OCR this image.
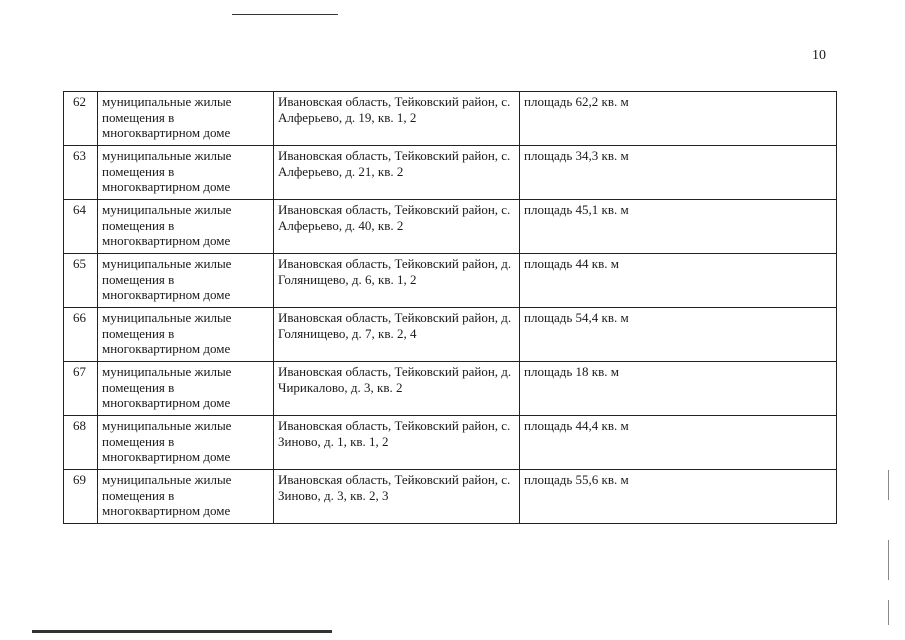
10
62	муниципальные жилые помещения в многоквартирном доме	Ивановская область, Тейковский район, с. Алферьево, д. 19, кв. 1, 2	площадь 62,2 кв. м
63	муниципальные жилые помещения в многоквартирном доме	Ивановская область, Тейковский район, с. Алферьево, д. 21, кв. 2	площадь 34,3 кв. м
64	муниципальные жилые помещения в многоквартирном доме	Ивановская область, Тейковский район, с. Алферьево, д. 40, кв. 2	площадь 45,1 кв. м
65	муниципальные жилые помещения в многоквартирном доме	Ивановская область, Тейковский район, д. Голянищево, д. 6, кв. 1, 2	площадь 44 кв. м
66	муниципальные жилые помещения в многоквартирном доме	Ивановская область, Тейковский район, д. Голянищево, д. 7, кв. 2, 4	площадь 54,4 кв. м
67	муниципальные жилые помещения в многоквартирном доме	Ивановская область, Тейковский район, д. Чирикалово, д. 3, кв. 2	площадь 18 кв. м
68	муниципальные жилые помещения в многоквартирном доме	Ивановская область, Тейковский район, с. Зиново, д. 1, кв. 1, 2	площадь 44,4 кв. м
69	муниципальные жилые помещения в многоквартирном доме	Ивановская область, Тейковский район, с. Зиново, д. 3, кв. 2, 3	площадь 55,6 кв. м
